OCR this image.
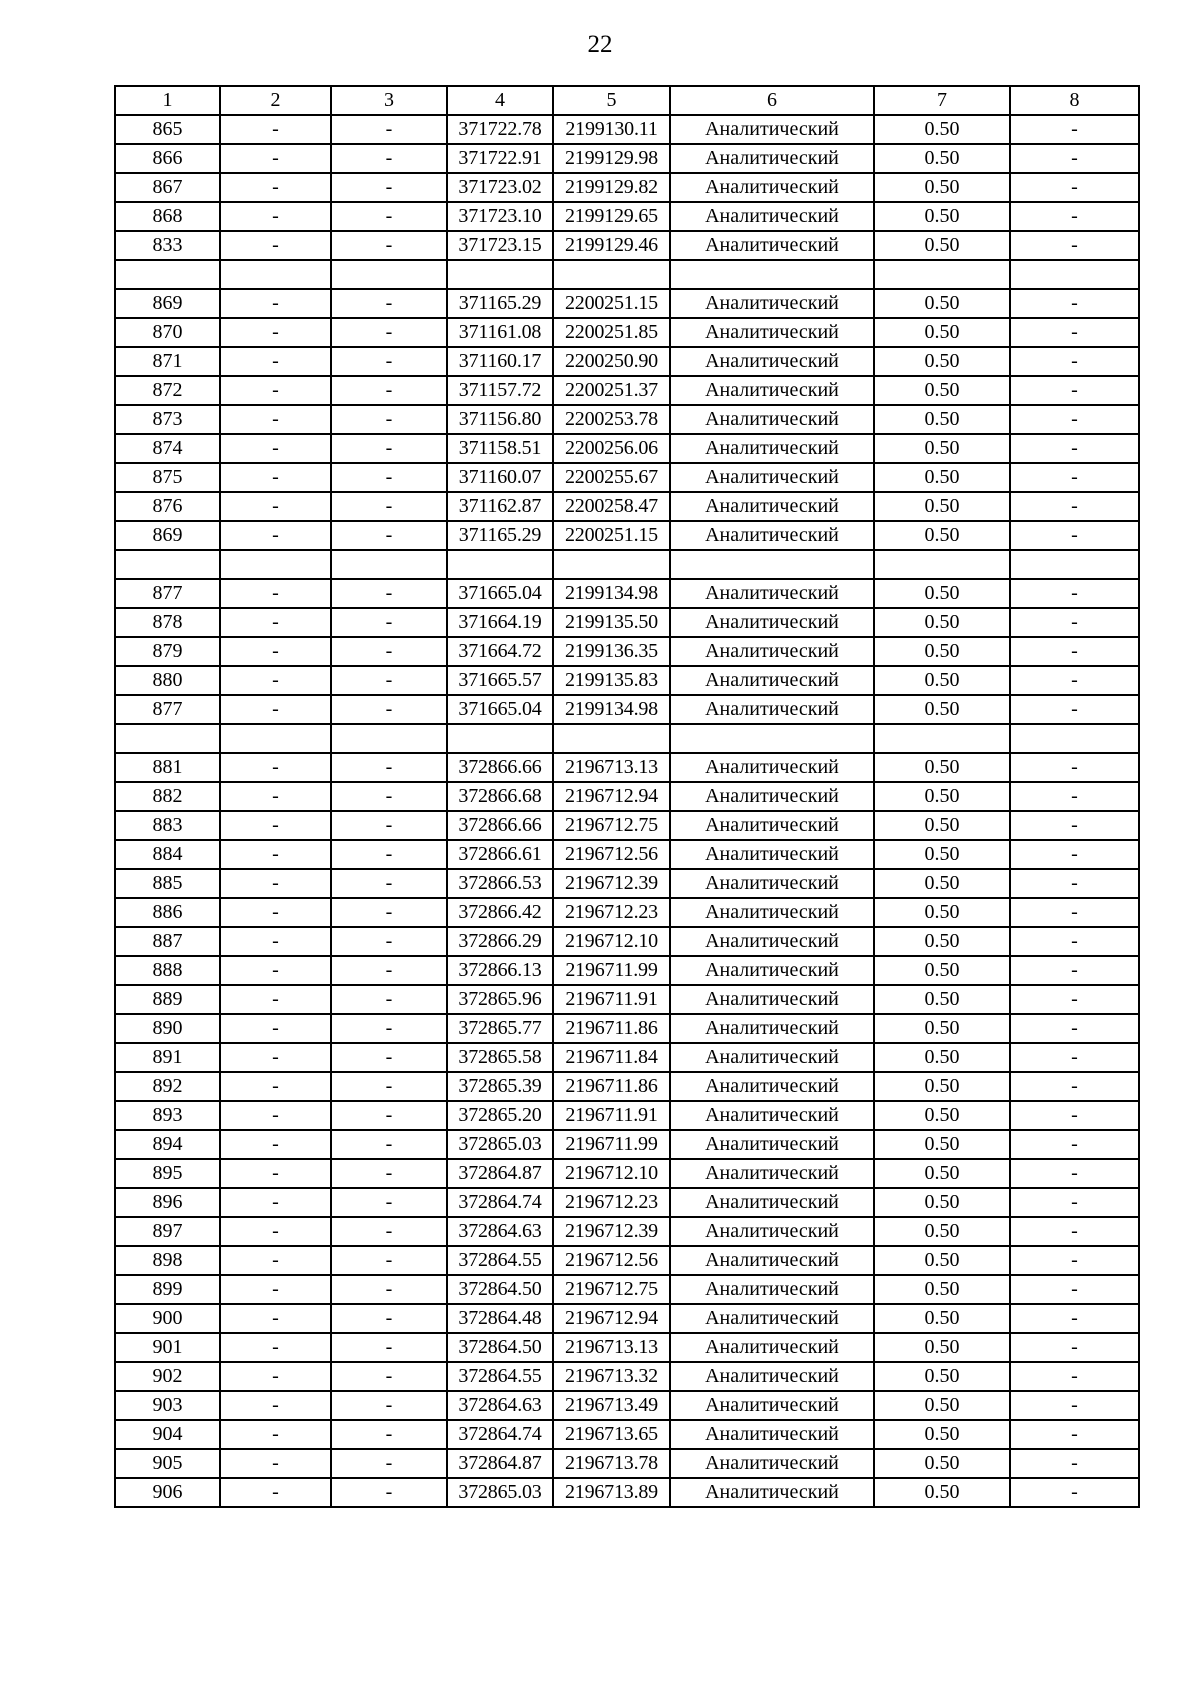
22
1	2	3	4	5	6	7	8
865	-	-	371722.78	2199130.11	Аналитический	0.50	-
866	-	-	371722.91	2199129.98	Аналитический	0.50	-
867	-	-	371723.02	2199129.82	Аналитический	0.50	-
868	-	-	371723.10	2199129.65	Аналитический	0.50	-
833	-	-	371723.15	2199129.46	Аналитический	0.50	-

869	-	-	371165.29	2200251.15	Аналитический	0.50	-
870	-	-	371161.08	2200251.85	Аналитический	0.50	-
871	-	-	371160.17	2200250.90	Аналитический	0.50	-
872	-	-	371157.72	2200251.37	Аналитический	0.50	-
873	-	-	371156.80	2200253.78	Аналитический	0.50	-
874	-	-	371158.51	2200256.06	Аналитический	0.50	-
875	-	-	371160.07	2200255.67	Аналитический	0.50	-
876	-	-	371162.87	2200258.47	Аналитический	0.50	-
869	-	-	371165.29	2200251.15	Аналитический	0.50	-

877	-	-	371665.04	2199134.98	Аналитический	0.50	-
878	-	-	371664.19	2199135.50	Аналитический	0.50	-
879	-	-	371664.72	2199136.35	Аналитический	0.50	-
880	-	-	371665.57	2199135.83	Аналитический	0.50	-
877	-	-	371665.04	2199134.98	Аналитический	0.50	-

881	-	-	372866.66	2196713.13	Аналитический	0.50	-
882	-	-	372866.68	2196712.94	Аналитический	0.50	-
883	-	-	372866.66	2196712.75	Аналитический	0.50	-
884	-	-	372866.61	2196712.56	Аналитический	0.50	-
885	-	-	372866.53	2196712.39	Аналитический	0.50	-
886	-	-	372866.42	2196712.23	Аналитический	0.50	-
887	-	-	372866.29	2196712.10	Аналитический	0.50	-
888	-	-	372866.13	2196711.99	Аналитический	0.50	-
889	-	-	372865.96	2196711.91	Аналитический	0.50	-
890	-	-	372865.77	2196711.86	Аналитический	0.50	-
891	-	-	372865.58	2196711.84	Аналитический	0.50	-
892	-	-	372865.39	2196711.86	Аналитический	0.50	-
893	-	-	372865.20	2196711.91	Аналитический	0.50	-
894	-	-	372865.03	2196711.99	Аналитический	0.50	-
895	-	-	372864.87	2196712.10	Аналитический	0.50	-
896	-	-	372864.74	2196712.23	Аналитический	0.50	-
897	-	-	372864.63	2196712.39	Аналитический	0.50	-
898	-	-	372864.55	2196712.56	Аналитический	0.50	-
899	-	-	372864.50	2196712.75	Аналитический	0.50	-
900	-	-	372864.48	2196712.94	Аналитический	0.50	-
901	-	-	372864.50	2196713.13	Аналитический	0.50	-
902	-	-	372864.55	2196713.32	Аналитический	0.50	-
903	-	-	372864.63	2196713.49	Аналитический	0.50	-
904	-	-	372864.74	2196713.65	Аналитический	0.50	-
905	-	-	372864.87	2196713.78	Аналитический	0.50	-
906	-	-	372865.03	2196713.89	Аналитический	0.50	-
